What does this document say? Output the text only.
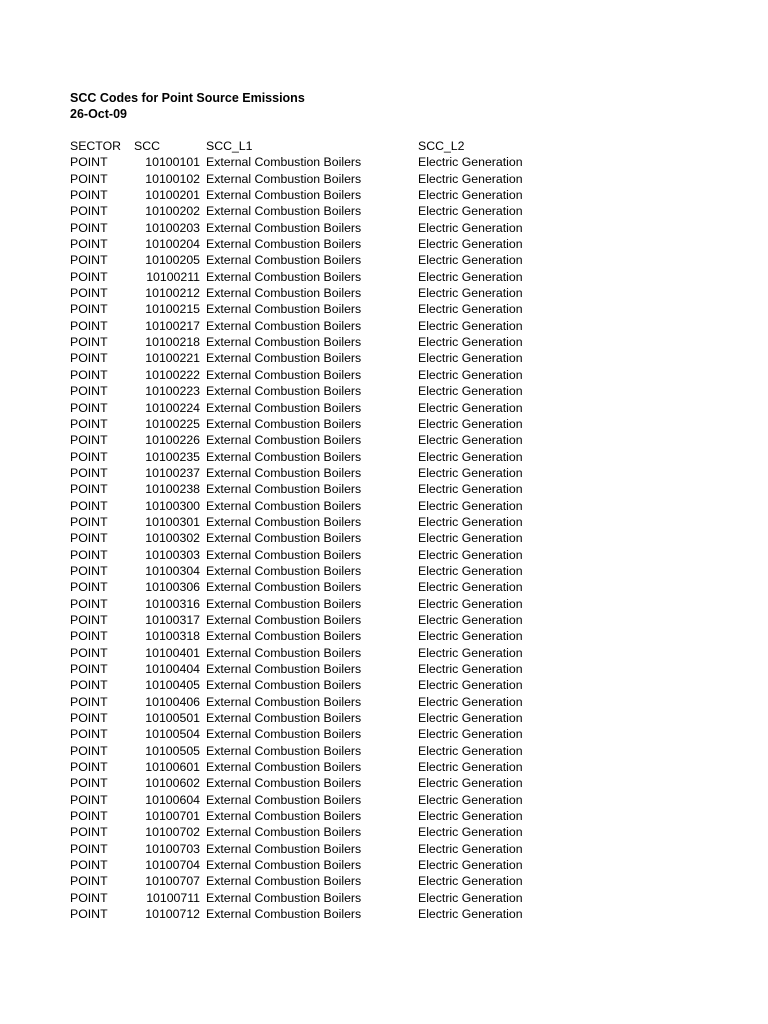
SCC Codes for Point Source Emissions
26-Oct-09
SECTOR	SCC	SCC_L1	SCC_L2
POINT	10100101 External Combustion Boilers	Electric Generation
POINT	10100102 External Combustion Boilers	Electric Generation
POINT	10100201 External Combustion Boilers	Electric Generation
POINT	10100202 External Combustion Boilers	Electric Generation
POINT	10100203 External Combustion Boilers	Electric Generation
POINT	10100204 External Combustion Boilers	Electric Generation
POINT	10100205 External Combustion Boilers	Electric Generation
POINT	10100211 External Combustion Boilers	Electric Generation
POINT	10100212 External Combustion Boilers	Electric Generation
POINT	10100215 External Combustion Boilers	Electric Generation
POINT	10100217 External Combustion Boilers	Electric Generation
POINT	10100218 External Combustion Boilers	Electric Generation
POINT	10100221 External Combustion Boilers	Electric Generation
POINT	10100222 External Combustion Boilers	Electric Generation
POINT	10100223 External Combustion Boilers	Electric Generation
POINT	10100224 External Combustion Boilers	Electric Generation
POINT	10100225 External Combustion Boilers	Electric Generation
POINT	10100226 External Combustion Boilers	Electric Generation
POINT	10100235 External Combustion Boilers	Electric Generation
POINT	10100237 External Combustion Boilers	Electric Generation
POINT	10100238 External Combustion Boilers	Electric Generation
POINT	10100300 External Combustion Boilers	Electric Generation
POINT	10100301 External Combustion Boilers	Electric Generation
POINT	10100302 External Combustion Boilers	Electric Generation
POINT	10100303 External Combustion Boilers	Electric Generation
POINT	10100304 External Combustion Boilers	Electric Generation
POINT	10100306 External Combustion Boilers	Electric Generation
POINT	10100316 External Combustion Boilers	Electric Generation
POINT	10100317 External Combustion Boilers	Electric Generation
POINT	10100318 External Combustion Boilers	Electric Generation
POINT	10100401 External Combustion Boilers	Electric Generation
POINT	10100404 External Combustion Boilers	Electric Generation
POINT	10100405 External Combustion Boilers	Electric Generation
POINT	10100406 External Combustion Boilers	Electric Generation
POINT	10100501 External Combustion Boilers	Electric Generation
POINT	10100504 External Combustion Boilers	Electric Generation
POINT	10100505 External Combustion Boilers	Electric Generation
POINT	10100601 External Combustion Boilers	Electric Generation
POINT	10100602 External Combustion Boilers	Electric Generation
POINT	10100604 External Combustion Boilers	Electric Generation
POINT	10100701 External Combustion Boilers	Electric Generation
POINT	10100702 External Combustion Boilers	Electric Generation
POINT	10100703 External Combustion Boilers	Electric Generation
POINT	10100704 External Combustion Boilers	Electric Generation
POINT	10100707 External Combustion Boilers	Electric Generation
POINT	10100711 External Combustion Boilers	Electric Generation
POINT	10100712 External Combustion Boilers	Electric Generation
